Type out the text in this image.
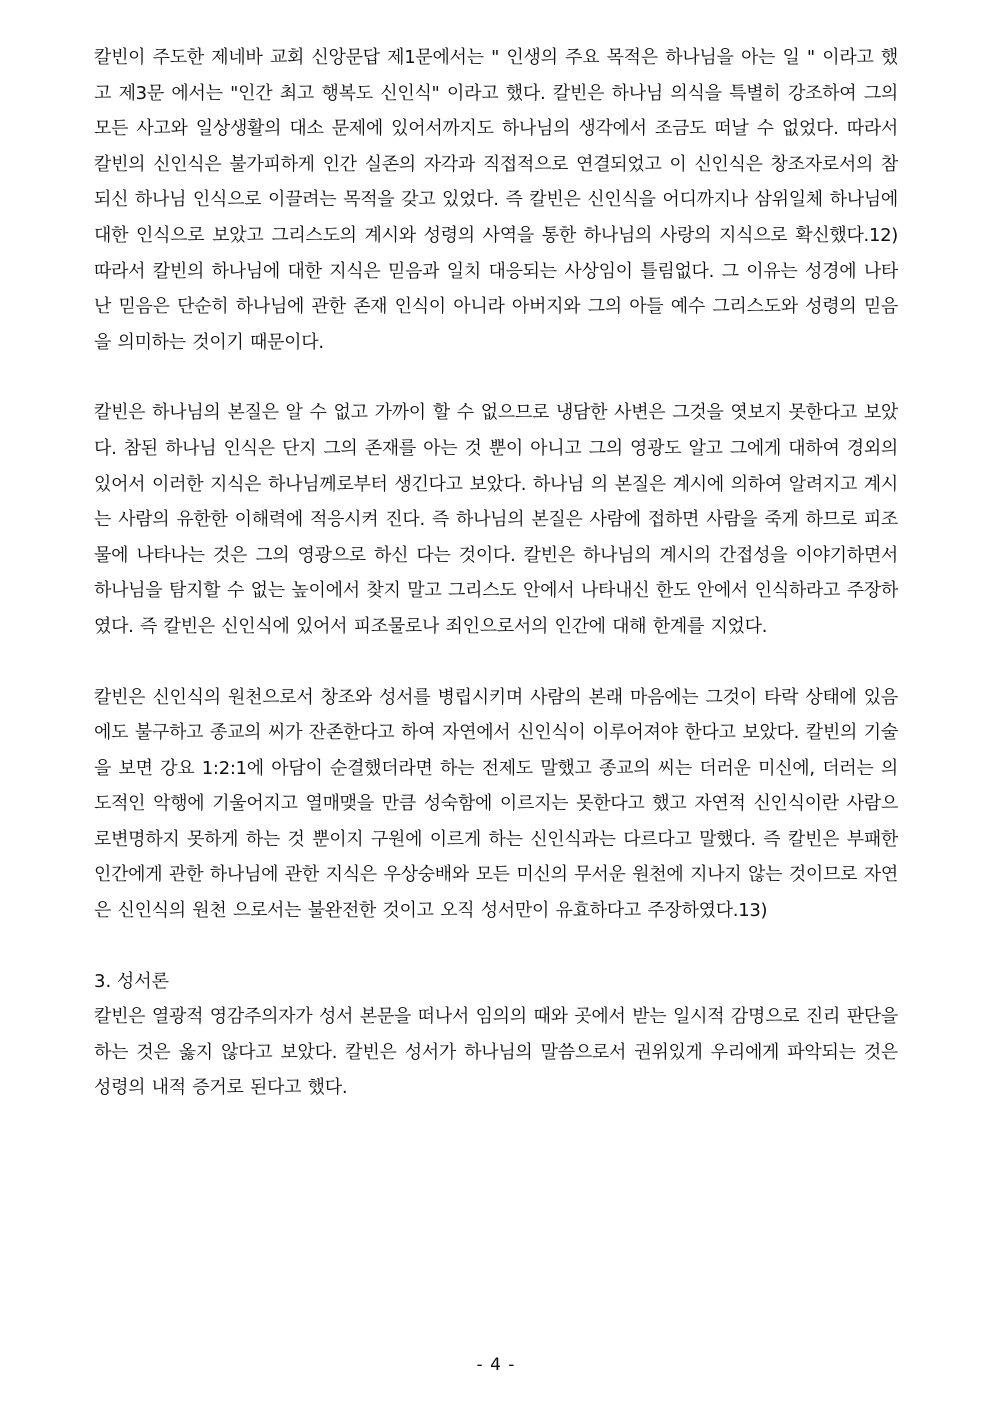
칼빈이 주도한 제네바 교회 신앙문답 제1문에서는 " 인생의 주요 목적은 하나님을 아는 일 " 이라고 했고 제3문 에서는 "인간 최고 행복도 신인식" 이라고 했다. 칼빈은 하나님 의식을 특별히 강조하여 그의 모든 사고와 일상생활의 대소 문제에 있어서까지도 하나님의 생각에서 조금도 떠날 수 없었다. 따라서 칼빈의 신인식은 불가피하게 인간 실존의 자각과 직접적으로 연결되었고 이 신인식은 창조자로서의 참되신 하나님 인식으로 이끌려는 목적을 갖고 있었다. 즉 칼빈은 신인식을 어디까지나 삼위일체 하나님에 대한 인식으로 보았고 그리스도의 계시와 성령의 사역을 통한 하나님의 사랑의 지식으로 확신했다.12) 따라서 칼빈의 하나님에 대한 지식은 믿음과 일치 대응되는 사상임이 틀림없다. 그 이유는 성경에 나타난 믿음은 단순히 하나님에 관한 존재 인식이 아니라 아버지와 그의 아들 예수 그리스도와 성령의 믿음을 의미하는 것이기 때문이다.

칼빈은 하나님의 본질은 알 수 없고 가까이 할 수 없으므로 냉담한 사변은 그것을 엿보지 못한다고 보았다. 참된 하나님 인식은 단지 그의 존재를 아는 것 뿐이 아니고 그의 영광도 알고 그에게 대하여 경외의 있어서 이러한 지식은 하나님께로부터 생긴다고 보았다. 하나님 의 본질은 계시에 의하여 알려지고 계시는 사람의 유한한 이해력에 적응시켜 진다. 즉 하나님의 본질은 사람에 접하면 사람을 죽게 하므로 피조물에 나타나는 것은 그의 영광으로 하신 다는 것이다. 칼빈은 하나님의 계시의 간접성을 이야기하면서 하나님을 탐지할 수 없는 높이에서 찾지 말고 그리스도 안에서 나타내신 한도 안에서 인식하라고 주장하였다. 즉 칼빈은 신인식에 있어서 피조물로나 죄인으로서의 인간에 대해 한계를 지었다.

칼빈은 신인식의 원천으로서 창조와 성서를 병립시키며 사람의 본래 마음에는 그것이 타락 상태에 있음에도 불구하고 종교의 씨가 잔존한다고 하여 자연에서 신인식이 이루어져야 한다고 보았다. 칼빈의 기술을 보면 강요 1:2:1에 아담이 순결했더라면 하는 전제도 말했고 종교의 씨는 더러운 미신에, 더러는 의도적인 악행에 기울어지고 열매맺을 만큼 성숙함에 이르지는 못한다고 했고 자연적 신인식이란 사람으로변명하지 못하게 하는 것 뿐이지 구원에 이르게 하는 신인식과는 다르다고 말했다. 즉 칼빈은 부패한 인간에게 관한 하나님에 관한 지식은 우상숭배와 모든 미신의 무서운 원천에 지나지 않는 것이므로 자연은 신인식의 원천 으로서는 불완전한 것이고 오직 성서만이 유효하다고 주장하였다.13)

3. 성서론

칼빈은 열광적 영감주의자가 성서 본문을 떠나서 임의의 때와 곳에서 받는 일시적 감명으로 진리 판단을 하는 것은 옳지 않다고 보았다. 칼빈은 성서가 하나님의 말씀으로서 권위있게 우리에게 파악되는 것은 성령의 내적 증거로 된다고 했다.

- 4 -
